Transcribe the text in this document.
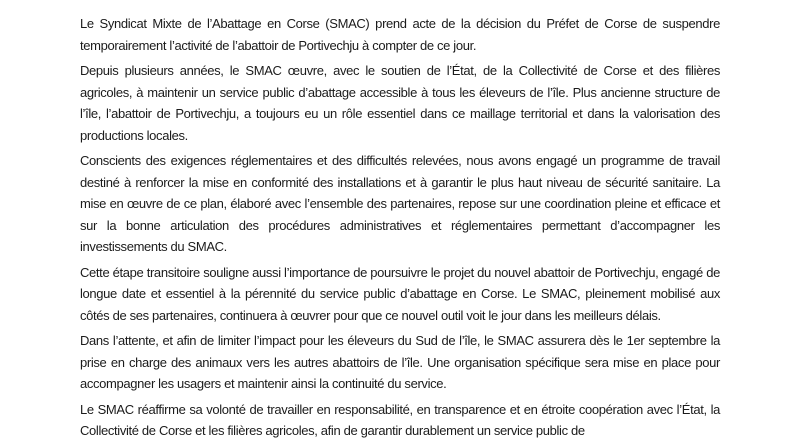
Le Syndicat Mixte de l’Abattage en Corse (SMAC) prend acte de la décision du Préfet de Corse de suspendre temporairement l’activité de l’abattoir de Portivechju à compter de ce jour.

Depuis plusieurs années, le SMAC œuvre, avec le soutien de l’État, de la Collectivité de Corse et des filières agricoles, à maintenir un service public d’abattage accessible à tous les éleveurs de l’île. Plus ancienne structure de l’île, l’abattoir de Portivechju, a toujours eu un rôle essentiel dans ce maillage territorial et dans la valorisation des productions locales.

Conscients des exigences réglementaires et des difficultés relevées, nous avons engagé un programme de travail destiné à renforcer la mise en conformité des installations et à garantir le plus haut niveau de sécurité sanitaire. La mise en œuvre de ce plan, élaboré avec l’ensemble des partenaires, repose sur une coordination pleine et efficace et sur la bonne articulation des procédures administratives et réglementaires permettant d’accompagner les investissements du SMAC.

Cette étape transitoire souligne aussi l’importance de poursuivre le projet du nouvel abattoir de Portivechju, engagé de longue date et essentiel à la pérennité du service public d’abattage en Corse. Le SMAC, pleinement mobilisé aux côtés de ses partenaires, continuera à œuvrer pour que ce nouvel outil voit le jour dans les meilleurs délais.

Dans l’attente, et afin de limiter l’impact pour les éleveurs du Sud de l’île, le SMAC assurera dès le 1er septembre la prise en charge des animaux vers les autres abattoirs de l’île. Une organisation spécifique sera mise en place pour accompagner les usagers et maintenir ainsi la continuité du service.

Le SMAC réaffirme sa volonté de travailler en responsabilité, en transparence et en étroite coopération avec l’État, la Collectivité de Corse et les filières agricoles, afin de garantir durablement un service public de
